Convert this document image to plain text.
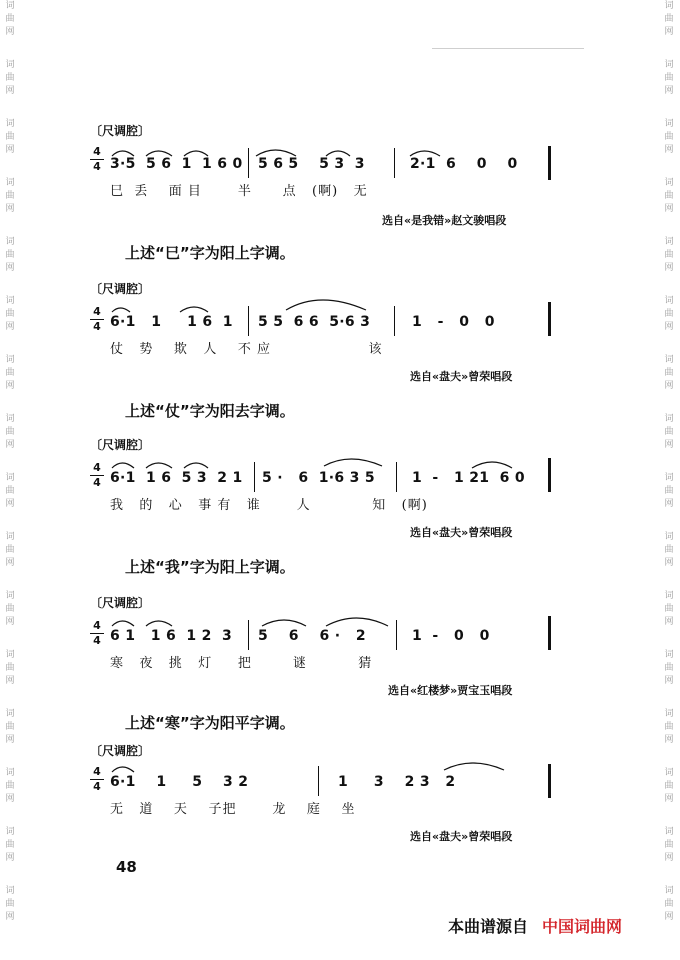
词
曲
网
词
曲
网
词
曲
网
词
曲
网
词
曲
网
词
曲
网
词
曲
网
词
曲
网
词
曲
网
词
曲
网
词
曲
网
词
曲
网
词
曲
网
词
曲
网
词
曲
网
词
曲
网
词
曲
网
词
曲
网
词
曲
网
词
曲
网
词
曲
网
词
曲
网
词
曲
网
词
曲
网
词
曲
网
词
曲
网
词
曲
网
词
曲
网
词
曲
网
词
曲
网
词
曲
网
词
曲
网
〔尺调腔〕
4
4 3·5  5 6  1  1 6 0 5 6 5    5 3  3	2·1  6    0    0
巳  丢    面 目       半      点   (啊)   无
选自«是我错»赵文骏唱段
上述“巳”字为阳上字调。
〔尺调腔〕
4
4 6·1   1     1 6  1 5 5  6 6  5·6 3	1   -   0   0
仗   势    欺   人    不 应                   该
选自«盘夫»曾荣唱段
上述“仗”字为阳去字调。
〔尺调腔〕
4
4 6·1  1 6  5 3  2 1 5 ·   6  1·6 3 5	1  -   1 21  6 0
我   的   心   事 有   谁       人            知   (啊)
选自«盘夫»曾荣唱段
上述“我”字为阳上字调。
〔尺调腔〕
4
4 6 1   1 6  1 2  3 5    6    6 ·   2	1  -   0   0
寒   夜   挑   灯     把        谜          猜
选自«红楼梦»贾宝玉唱段
上述“寒”字为阳平字调。
〔尺调腔〕
4
4 6·1    1     5    3 2	1     3    2 3   2
无   道    天    子把       龙    庭    坐
选自«盘夫»曾荣唱段
48
本曲谱源自 中国词曲网
